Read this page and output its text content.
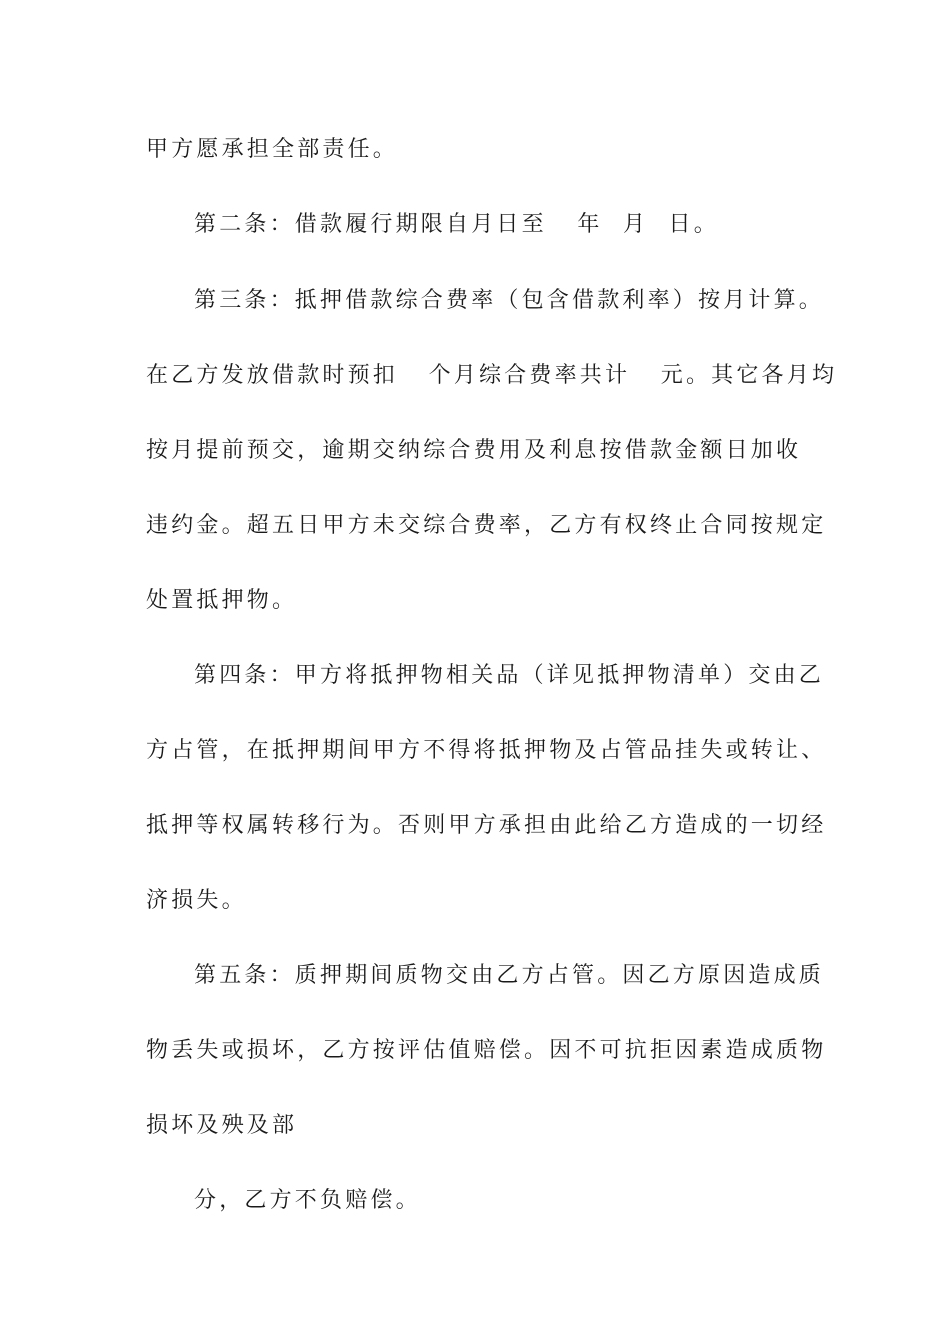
甲方愿承担全部责任。
第二条：借款履行期限自月日至   年  月  日。
第三条：抵押借款综合费率（包含借款利率）按月计算。
在乙方发放借款时预扣   个月综合费率共计   元。其它各月均
按月提前预交，逾期交纳综合费用及利息按借款金额日加收
违约金。超五日甲方未交综合费率，乙方有权终止合同按规定
处置抵押物。
第四条：甲方将抵押物相关品（详见抵押物清单）交由乙
方占管，在抵押期间甲方不得将抵押物及占管品挂失或转让、
抵押等权属转移行为。否则甲方承担由此给乙方造成的一切经
济损失。
第五条：质押期间质物交由乙方占管。因乙方原因造成质
物丢失或损坏，乙方按评估值赔偿。因不可抗拒因素造成质物
损坏及殃及部
分，乙方不负赔偿。
